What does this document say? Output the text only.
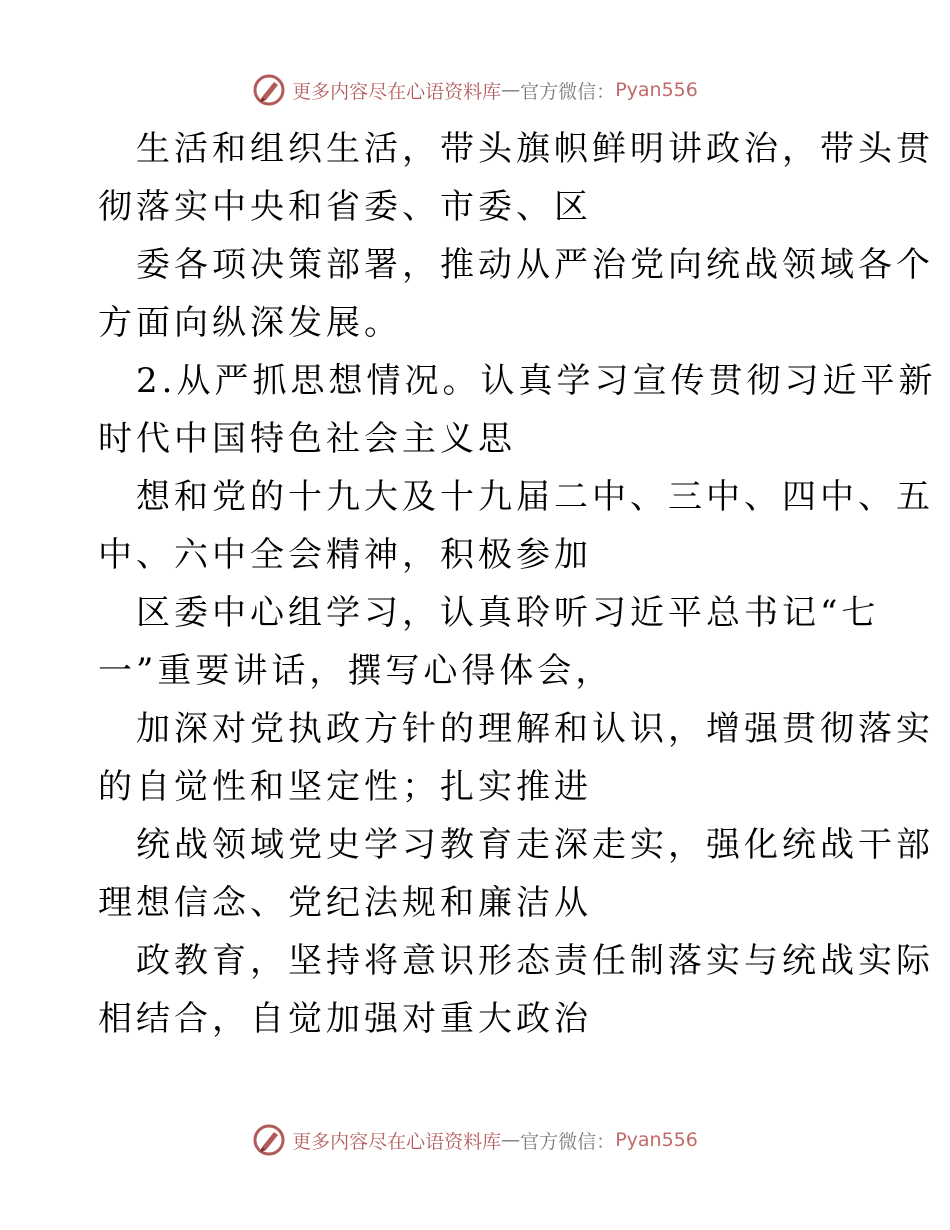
更多内容尽在心语资料库 — 官方微信： Pyan556
生活和组织生活，带头旗帜鲜明讲政治，带头贯
彻落实中央和省委、市委、区
委各项决策部署，推动从严治党向统战领域各个
方面向纵深发展。
2.从严抓思想情况。认真学习宣传贯彻习近平新
时代中国特色社会主义思
想和党的十九大及十九届二中、三中、四中、五
中、六中全会精神，积极参加
区委中心组学习，认真聆听习近平总书记“七
一”重要讲话，撰写心得体会，
加深对党执政方针的理解和认识，增强贯彻落实
的自觉性和坚定性；扎实推进
统战领域党史学习教育走深走实，强化统战干部
理想信念、党纪法规和廉洁从
政教育，坚持将意识形态责任制落实与统战实际
相结合，自觉加强对重大政治
更多内容尽在心语资料库 — 官方微信： Pyan556
